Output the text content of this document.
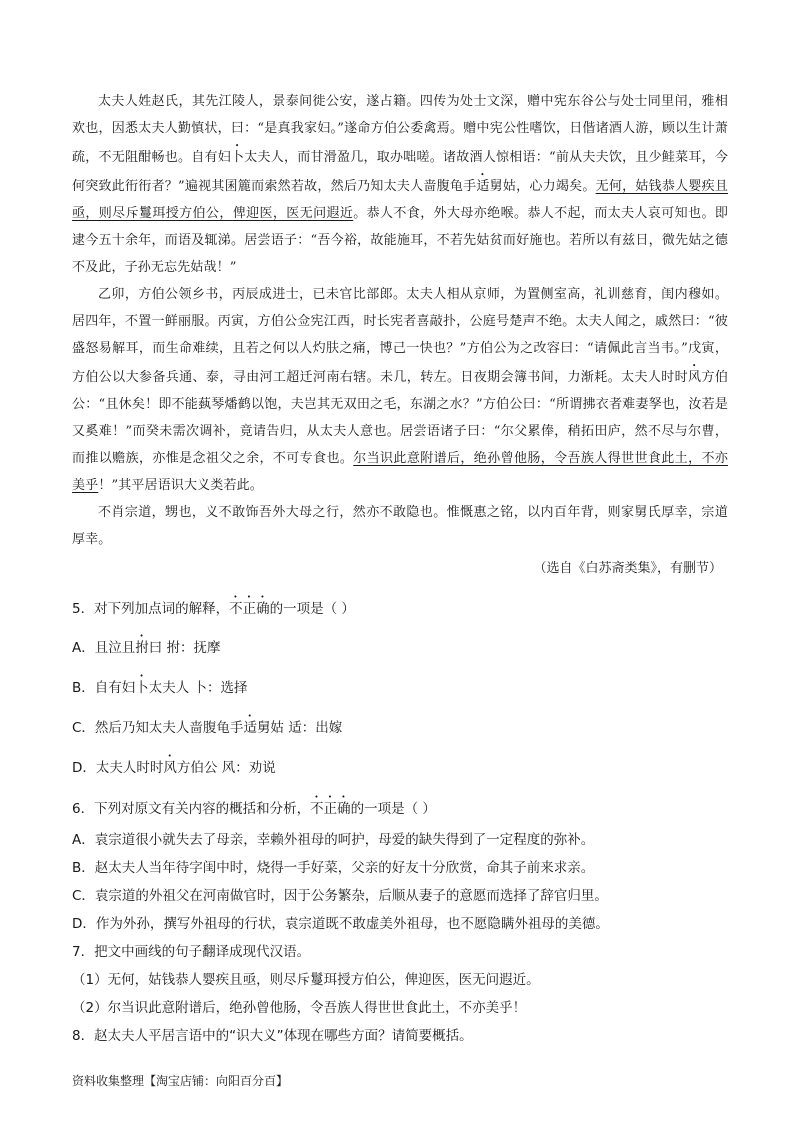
太夫人姓赵氏，其先江陵人，景泰间徙公安，遂占籍。四传为处士文深，赠中宪东谷公与处士同里闬，雅相欢也，因悉太夫人勤慎状，曰：“是真我家妇。”遂命方伯公委禽焉。赠中宪公性嗜饮，日偕诸酒人游，顾以生计萧疏，不无阻酣畅也。自有妇卜太夫人，而甘滑盈几，取办咄嗟。诸故酒人惊相语：“前从夫夫饮，且少鲑菜耳，今何突致此衎衎者？”遍视其囷簏而索然若故，然后乃知太夫人啬腹龟手适舅姑，心力竭矣。无何，姑钱恭人婴疾且亟，则尽斥鬘珥授方伯公，俾迎医，医无问遐近。恭人不食，外大母亦绝喉。恭人不起，而太夫人哀可知也。即逮今五十余年，而语及辄涕。居尝语子：“吾今裕，故能施耳，不若先姑贫而好施也。若所以有兹日，微先姑之德不及此，子孙无忘先姑哉！”

乙卯，方伯公领乡书，丙辰成进士，已未官比部郎。太夫人相从京师，为置侧室高，礼训慈育，闺内穆如。居四年，不置一鲜丽服。丙寅，方伯公佥宪江西，时长宪者喜敲扑，公庭号楚声不绝。太夫人闻之，戚然曰：“彼盛怒易解耳，而生命难续，且若之何以人灼肤之痛，博己一快也？”方伯公为之改容曰：“请佩此言当韦。”戊寅，方伯公以大参备兵通、泰，寻由河工超迁河南右辖。未几，转左。日夜期会簿书间，力渐耗。太夫人时时风方伯公：“且休矣！即不能蓺琴燔鹤以饱，夫岂其无双田之毛，东湖之水？”方伯公曰：“所谓拂衣者难妻孥也，汝若是又奚难！”而癸未需次调补，竟请告归，从太夫人意也。居尝语诸子曰：“尔父累俸，稍拓田庐，然不尽与尔曹，而推以赡族，亦惟是念祖父之余，不可专食也。尔当识此意附谱后，绝孙曾他肠，令吾族人得世世食此土，不亦美乎！”其平居语识大义类若此。

不肖宗道，甥也，义不敢饰吾外大母之行，然亦不敢隐也。惟慨惠之铭，以内百年背，则家舅氏厚幸，宗道厚幸。

（选自《白苏斋类集》，有删节）

5．对下列加点词的解释，不正确的一项是（ ）

A．且泣且拊曰 拊：抚摩

B．自有妇卜太夫人 卜：选择

C．然后乃知太夫人啬腹龟手适舅姑 适：出嫁

D．太夫人时时风方伯公 风：劝说

6．下列对原文有关内容的概括和分析，不正确的一项是（ ）

A．袁宗道很小就失去了母亲，幸赖外祖母的呵护，母爱的缺失得到了一定程度的弥补。

B．赵太夫人当年待字闺中时，烧得一手好菜，父亲的好友十分欣赏，命其子前来求亲。

C．袁宗道的外祖父在河南做官时，因于公务繁杂，后顺从妻子的意愿而选择了辞官归里。

D．作为外孙，撰写外祖母的行状，袁宗道既不敢虚美外祖母，也不愿隐瞒外祖母的美德。

7．把文中画线的句子翻译成现代汉语。

（1）无何，姑钱恭人婴疾且亟，则尽斥鬘珥授方伯公，俾迎医，医无问遐近。

（2）尔当识此意附谱后，绝孙曾他肠，令吾族人得世世食此土，不亦美乎！

8．赵太夫人平居言语中的“识大义”体现在哪些方面？请简要概括。

资料收集整理【淘宝店铺：向阳百分百】
